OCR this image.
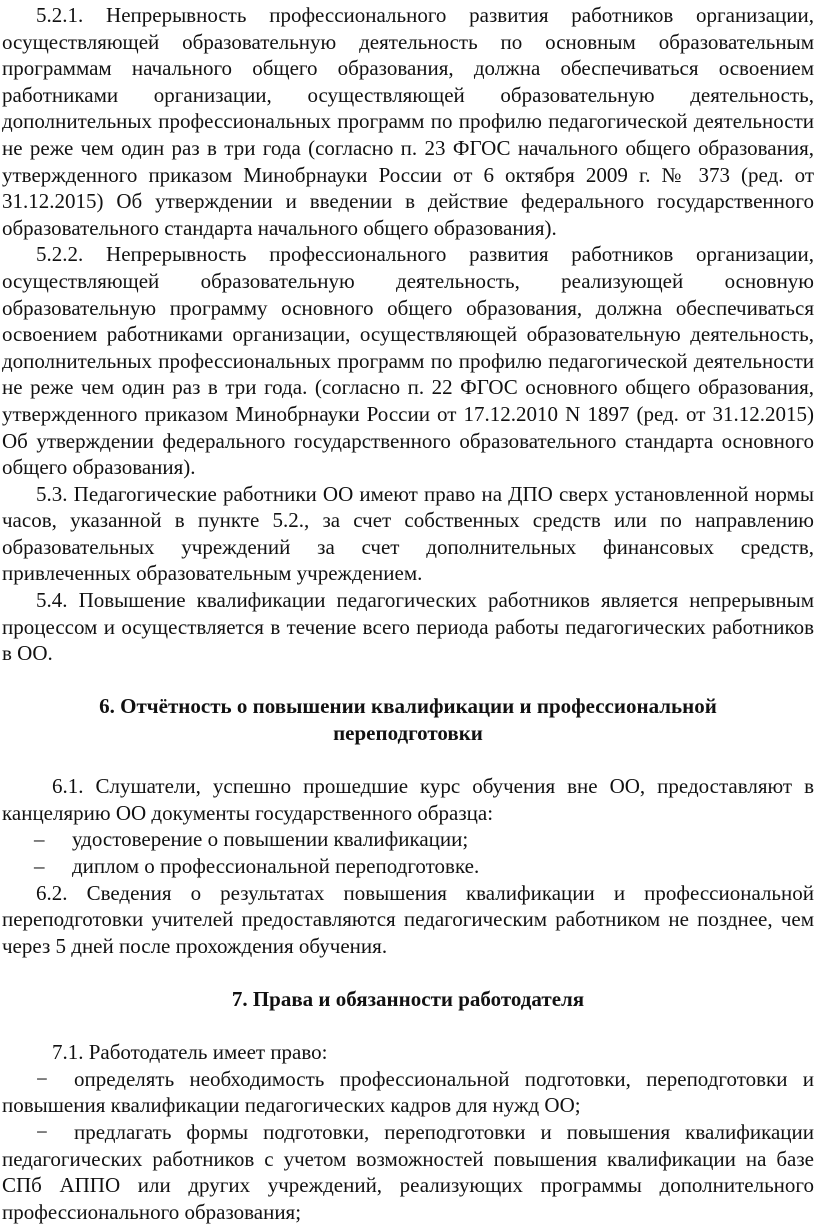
5.2.1. Непрерывность профессионального развития работников организации, осуществляющей образовательную деятельность по основным образовательным программам начального общего образования, должна обеспечиваться освоением работниками организации, осуществляющей образовательную деятельность, дополнительных профессиональных программ по профилю педагогической деятельности не реже чем один раз в три года (согласно п. 23 ФГОС начального общего образования, утвержденного приказом Минобрнауки России от 6 октября 2009 г. № 373 (ред. от 31.12.2015) Об утверждении и введении в действие федерального государственного образовательного стандарта начального общего образования).

5.2.2. Непрерывность профессионального развития работников организации, осуществляющей образовательную деятельность, реализующей основную образовательную программу основного общего образования, должна обеспечиваться освоением работниками организации, осуществляющей образовательную деятельность, дополнительных профессиональных программ по профилю педагогической деятельности не реже чем один раз в три года. (согласно п. 22 ФГОС основного общего образования, утвержденного приказом Минобрнауки России от 17.12.2010 N 1897 (ред. от 31.12.2015) Об утверждении федерального государственного образовательного стандарта основного общего образования).

5.3. Педагогические работники ОО имеют право на ДПО сверх установленной нормы часов, указанной в пункте 5.2., за счет собственных средств или по направлению образовательных учреждений за счет дополнительных финансовых средств, привлеченных образовательным учреждением.

5.4. Повышение квалификации педагогических работников является непрерывным процессом и осуществляется в течение всего периода работы педагогических работников в ОО.

6. Отчётность о повышении квалификации и профессиональной переподготовки

6.1. Слушатели, успешно прошедшие курс обучения вне ОО, предоставляют в канцелярию ОО документы государственного образца:

– удостоверение о повышении квалификации;

– диплом о профессиональной переподготовке.

6.2. Сведения о результатах повышения квалификации и профессиональной переподготовки учителей предоставляются педагогическим работником не позднее, чем через 5 дней после прохождения обучения.

7. Права и обязанности работодателя

7.1. Работодатель имеет право:

− определять необходимость профессиональной подготовки, переподготовки и повышения квалификации педагогических кадров для нужд ОО;

− предлагать формы подготовки, переподготовки и повышения квалификации педагогических работников с учетом возможностей повышения квалификации на базе СПб АППО или других учреждений, реализующих программы дополнительного профессионального образования;
